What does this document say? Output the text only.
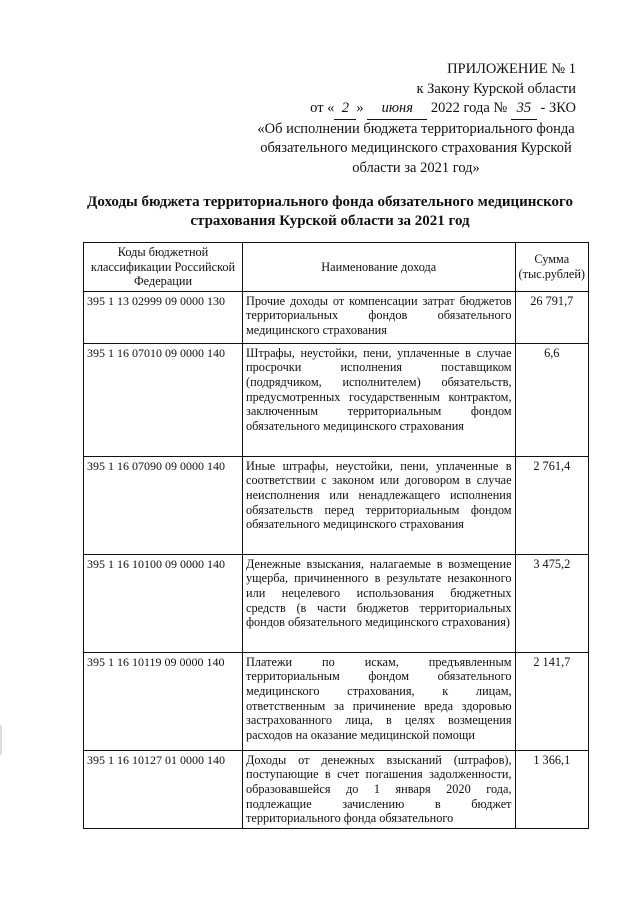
ПРИЛОЖЕНИЕ № 1
к Закону Курской области
от « 2 » июня 2022 года № 35 - ЗКО
«Об исполнении бюджета территориального фонда обязательного медицинского страхования Курской области за 2021 год»
Доходы бюджета территориального фонда обязательного медицинского страхования Курской области за 2021 год
Коды бюджетной классификации Российской Федерации	Наименование дохода	Сумма (тыс.рублей)
395 1 13 02999 09 0000 130	Прочие доходы от компенсации затрат бюджетов территориальных фондов обязательного медицинского страхования	26 791,7
395 1 16 07010 09 0000 140	Штрафы, неустойки, пени, уплаченные в случае просрочки исполнения поставщиком (подрядчиком, исполнителем) обязательств, предусмотренных государственным контрактом, заключенным территориальным фондом обязательного медицинского страхования	6,6
395 1 16 07090 09 0000 140	Иные штрафы, неустойки, пени, уплаченные в соответствии с законом или договором в случае неисполнения или ненадлежащего исполнения обязательств перед территориальным фондом обязательного медицинского страхования	2 761,4
395 1 16 10100 09 0000 140	Денежные взыскания, налагаемые в возмещение ущерба, причиненного в результате незаконного или нецелевого использования бюджетных средств (в части бюджетов территориальных фондов обязательного медицинского страхования)	3 475,2
395 1 16 10119 09 0000 140	Платежи по искам, предъявленным территориальным фондом обязательного медицинского страхования, к лицам, ответственным за причинение вреда здоровью застрахованного лица, в целях возмещения расходов на оказание медицинской помощи	2 141,7
395 1 16 10127 01 0000 140	Доходы от денежных взысканий (штрафов), поступающие в счет погашения задолженности, образовавшейся до 1 января 2020 года, подлежащие зачислению в бюджет территориального фонда обязательного	1 366,1
